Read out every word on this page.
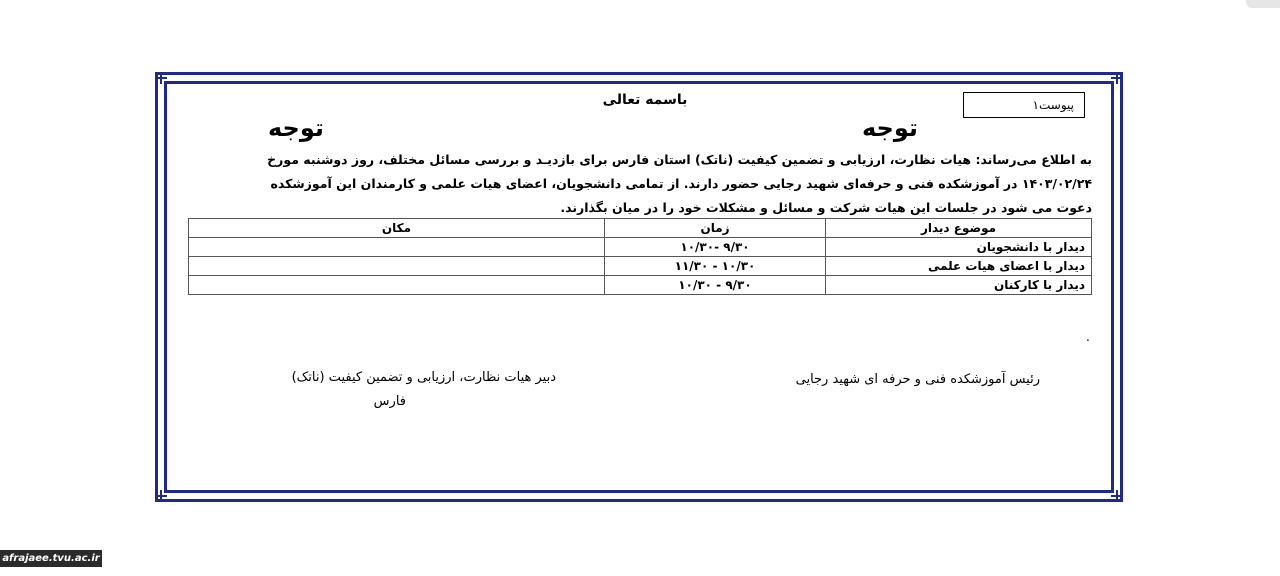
پیوست۱
باسمه تعالی
توجه	توجه
به اطلاع می‌رساند: هیات نظارت، ارزیابی و تضمین کیفیت (ناتک) استان فارس برای بازدیـد و بررسی مسائل مختلف، روز دوشنبه مورخ
۱۴۰۳/۰۲/۲۴ در آموزشکده فنی و حرفه‌ای شهید رجایی حضور دارند. از تمامی دانشجویان، اعضای هیات علمی و کارمندان این آموزشکده
دعوت می شود در جلسات این هیات شرکت و مسائل و مشکلات خود را در میان بگذارند.
موضوع دیدار	زمان	مکان
دیدار با دانشجویان	۹/۳۰ -۱۰/۳۰	
دیدار با اعضای هیات علمی	۱۰/۳۰ - ۱۱/۳۰	
دیدار با کارکنان	۹/۳۰ - ۱۰/۳۰	
.
دبیر هیات نظارت، ارزیابی و تضمین کیفیت (ناتک)
فارس
رئیس آموزشکده فنی و حرفه ای شهید رجایی
afrajaee.tvu.ac.ir
